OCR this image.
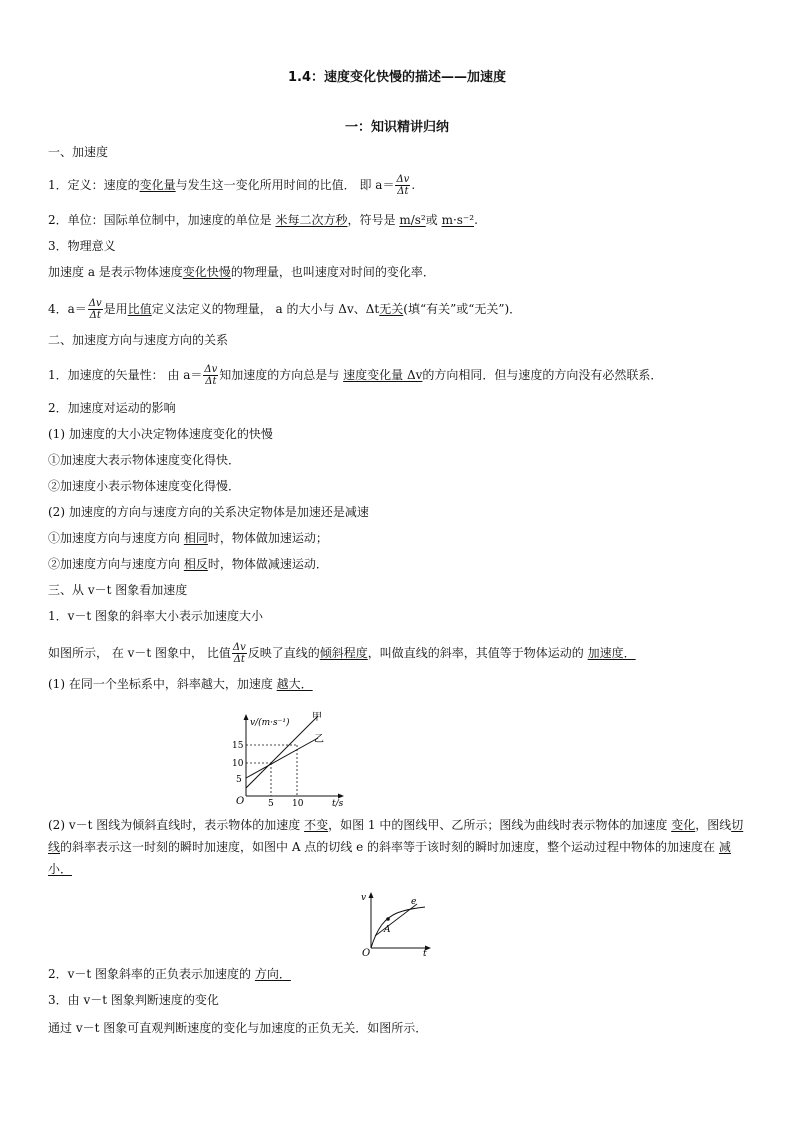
1.4：速度变化快慢的描述——加速度
一：知识精讲归纳
一、加速度
1．定义：速度的变化量与发生这一变化所用时间的比值． 即 $a= \frac{\Delta v}{\Delta t}$ .
2．单位：国际单位制中，加速度的单位是 米每二次方秒，符号是 m/s²或 m·s⁻².
3．物理意义
加速度 a 是表示物体速度变化快慢的物理量，也叫速度对时间的变化率．
4．$a= \frac{\Delta v}{\Delta t}$ 是用比值定义法定义的物理量， a 的大小与 Δv、Δt无关(填“有关”或“无关”)．
二、加速度方向与速度方向的关系
1．加速度的矢量性： 由 $a= \frac{\Delta v}{\Delta t}$ 知加速度的方向总是与 速度变化量 Δv的方向相同．但与速度的方向没有必然联系．
2．加速度对运动的影响
(1) 加速度的大小决定物体速度变化的快慢
①加速度大表示物体速度变化得快．
②加速度小表示物体速度变化得慢．
(2) 加速度的方向与速度方向的关系决定物体是加速还是减速
①加速度方向与速度方向 相同时，物体做加速运动；
②加速度方向与速度方向 相反时，物体做减速运动．
三、从 v－t 图象看加速度
1．v－t 图象的斜率大小表示加速度大小
如图所示， 在 v－t 图象中， 比值 $\frac{\Delta v}{\Delta t}$ 反映了直线的倾斜程度，叫做直线的斜率，其值等于物体运动的 加速度．
(1) 在同一个坐标系中，斜率越大，加速度 越大．
v/(m·s⁻¹)
t/s
O
15
10
5
5 10
甲
乙
(2) v－t 图线为倾斜直线时，表示物体的加速度 不变，如图 1 中的图线甲、乙所示；图线为曲线时表示物体的加速度 变化，图线切线的斜率表示这一时刻的瞬时加速度，如图中 A 点的切线 e 的斜率等于该时刻的瞬时加速度，整个运动过程中物体的加速度在 减小．
v
t
O
A
e
2．v－t 图象斜率的正负表示加速度的 方向．
3．由 v－t 图象判断速度的变化
通过 v－t 图象可直观判断速度的变化与加速度的正负无关．如图所示．
